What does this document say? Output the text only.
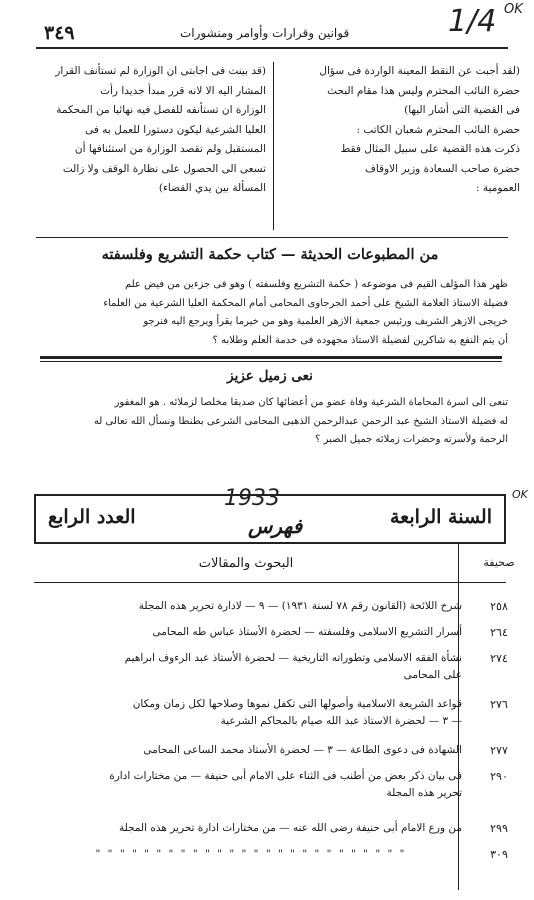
1/4 OK
٣٤٩	قوانين وقرارات وأوامر ومنشورات

(لقد أجبت عن النقط المعينة الواردة فى سؤال

حضرة النائب المحترم وليس هذا مقام البحث

فى القضية التى أشار اليها)

حضرة النائب المحترم شعبان الكاتب :

ذكرت هذه القضية على سبيل المثال فقط

حضرة صاحب السعادة وزير الاوقاف

العمومية :

(قد بينت فى اجابتى ان الوزارة لم تستأنف القرار

المشار اليه الا لانه قرر مبدأ جديدا رأت

الوزارة ان تستأنفه للفصل فيه نهائيا من المحكمة

العليا الشرعية ليكون دستورا للعمل به فى

المستقبل ولم تقصد الوزارة من استئنافها أن

تسعى الى الحصول على نظارة الوقف ولا زالت

المسألة بين يدي القضاء)

من المطبوعات الحديثة — كتاب حكمة التشريع وفلسفته
ظهر هذا المؤلف القيم فى موضوعه ( حكمة التشريع وفلسفته ) وهو فى جزءين من فيض علم
فضيلة الاستاذ العلامة الشيخ على أحمد الجرجاوى المحامى أمام المحكمة العليا الشرعية من العلماء
خريجى الازهر الشريف ورئيس جمعية الازهر العلمية وهو من خيرما يقرأ ويرجع اليه فنرجو
أن يتم النفع به شاكرين لفضيلة الاستاذ مجهوده فى خدمة العلم وطلابه ؟
نعى زميل عزيز
تنعى الى اسرة المحاماة الشرعية وفاة عضو من أعضائها كان صديقا مخلصا لزملائه . هو المغفور
له فضيلة الاستاذ الشيخ عبد الرحمن عبدالرحمن الذهبى المحامى الشرعى بطنطا ونسأل الله تعالى له
الرحمة ولأسرته وحضرات زملائه جميل الصبر ؟
OK
السنة الرابعة
العدد الرابع
1933
فهرس
صحيفة
البحوث والمقالات
٢٥٨
شرح اللائحة (القانون رقم ٧٨ لسنة ١٩٣١) — ٩ — لادارة تحرير هذه المجلة
٢٦٤
أسرار التشريع الاسلامى وفلسفته — لحضرة الأستاذ عباس طه المحامى
٢٧٤
نشأة الفقه الاسلامى وتطوراته التاريخية — لحضرة الأستاذ عبد الرءوف ابراهيم
على المحامى
٢٧٦
قواعد الشريعة الاسلامية وأصولها التى تكفل نموها وصلاحها لكل زمان ومكان
— ٣ — لحضرة الاستاذ عبد الله صيام بالمحاكم الشرعية
٢٧٧
الشهادة فى دعوى الطاعة — ٣ — لحضرة الأستاذ محمد الساعى المحامى
٢٩٠
فى بيان ذكر بعض من أطنب فى الثناء على الامام أبى حنيفة — من مختارات ادارة
تحرير هذه المجلة
٢٩٩
من ورع الامام أبى حنيفة رضى الله عنه — من مختارات ادارة تحرير هذه المجلة
٣٠٩
" " " " " " " " " " " " " " " " " " " " " " " " " "
